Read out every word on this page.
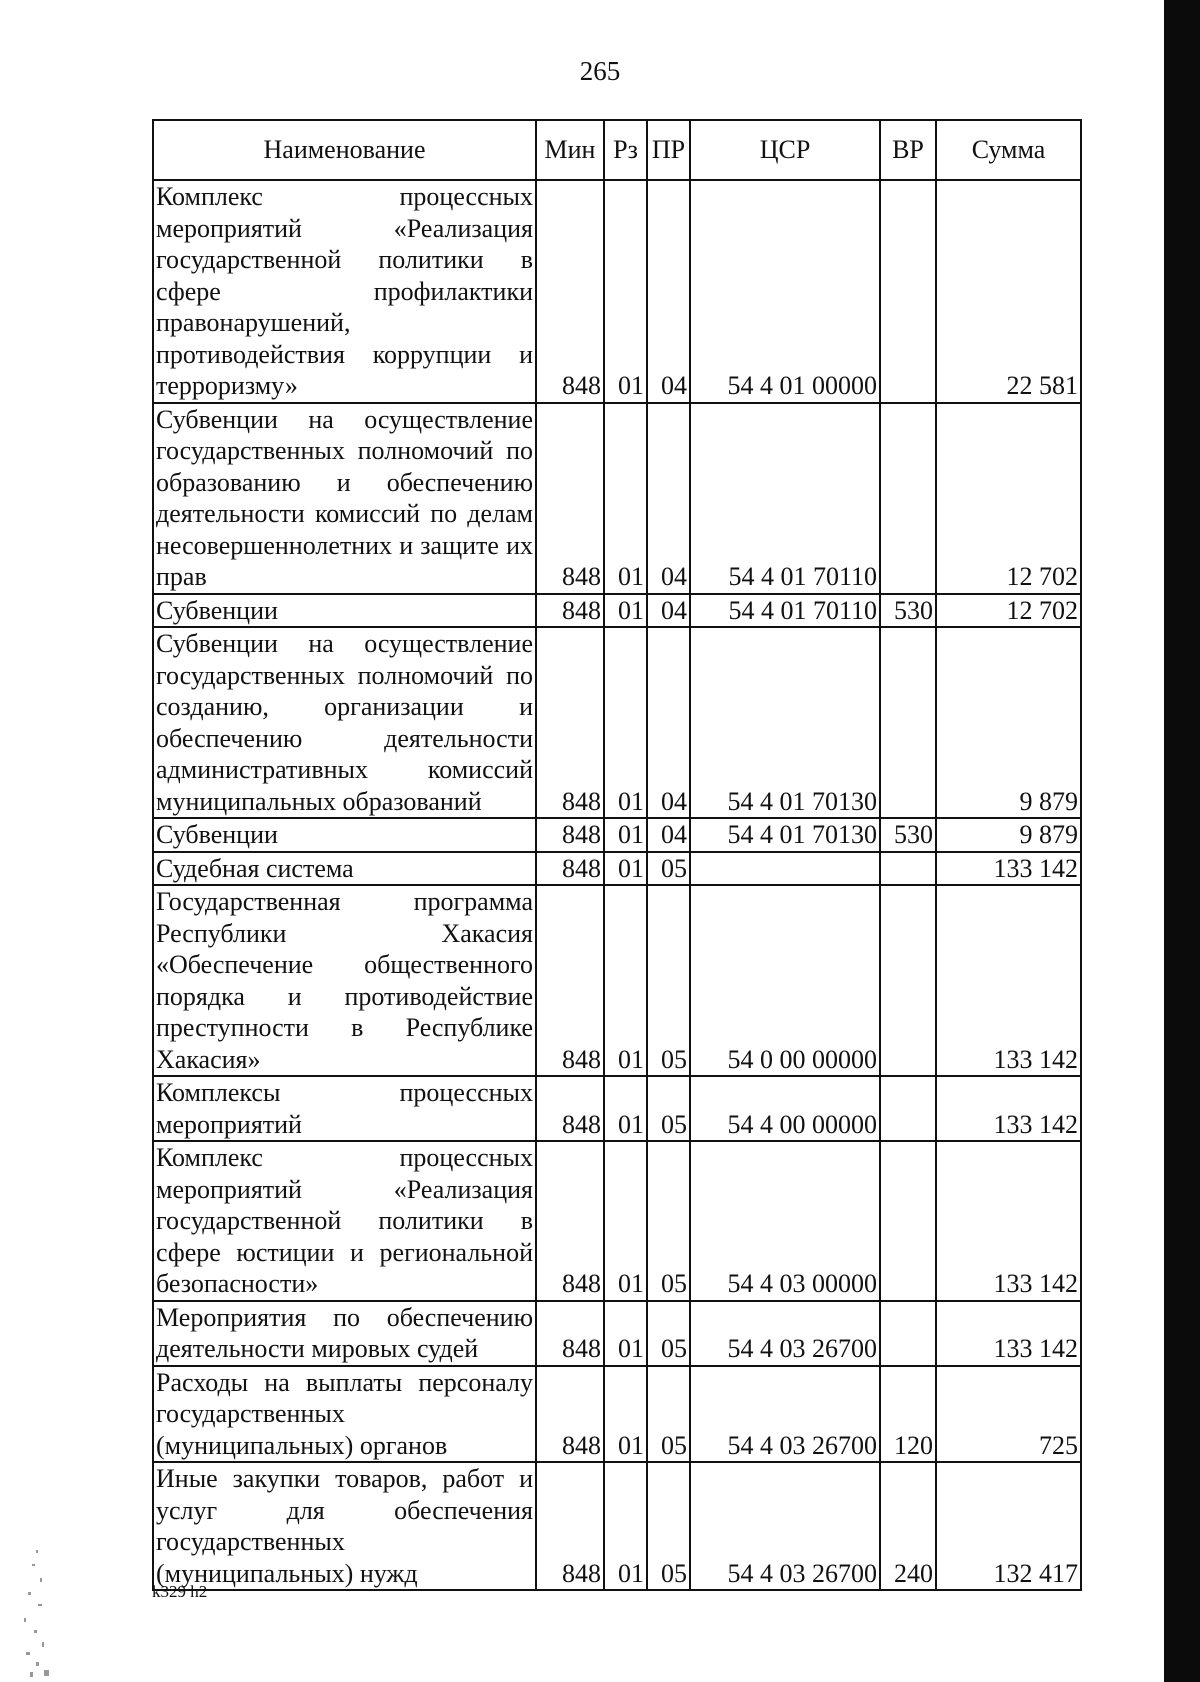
265
Наименование	Мин	Рз	ПР	ЦСР	ВР	Сумма
Комплекс процессных мероприятий «Реализация государственной политики в сфере профилактики правонарушений, противодействия коррупции и терроризму»	848	01	04	54 4 01 00000		22 581
Субвенции на осуществление государственных полномочий по образованию и обеспечению деятельности комиссий по делам несовершеннолетних и защите их прав	848	01	04	54 4 01 70110		12 702
Субвенции	848	01	04	54 4 01 70110	530	12 702
Субвенции на осуществление государственных полномочий по созданию, организации и обеспечению деятельности административных комиссий муниципальных образований	848	01	04	54 4 01 70130		9 879
Субвенции	848	01	04	54 4 01 70130	530	9 879
Судебная система	848	01	05			133 142
Государственная программа Республики Хакасия «Обеспечение общественного порядка и противодействие преступности в Республике Хакасия»	848	01	05	54 0 00 00000		133 142
Комплексы процессных мероприятий	848	01	05	54 4 00 00000		133 142
Комплекс процессных мероприятий «Реализация государственной политики в сфере юстиции и региональной безопасности»	848	01	05	54 4 03 00000		133 142
Мероприятия по обеспечению деятельности мировых судей	848	01	05	54 4 03 26700		133 142
Расходы на выплаты персоналу государственных (муниципальных) органов	848	01	05	54 4 03 26700	120	725
Иные закупки товаров, работ и услуг для обеспечения государственных (муниципальных) нужд	848	01	05	54 4 03 26700	240	132 417
k329 h2
